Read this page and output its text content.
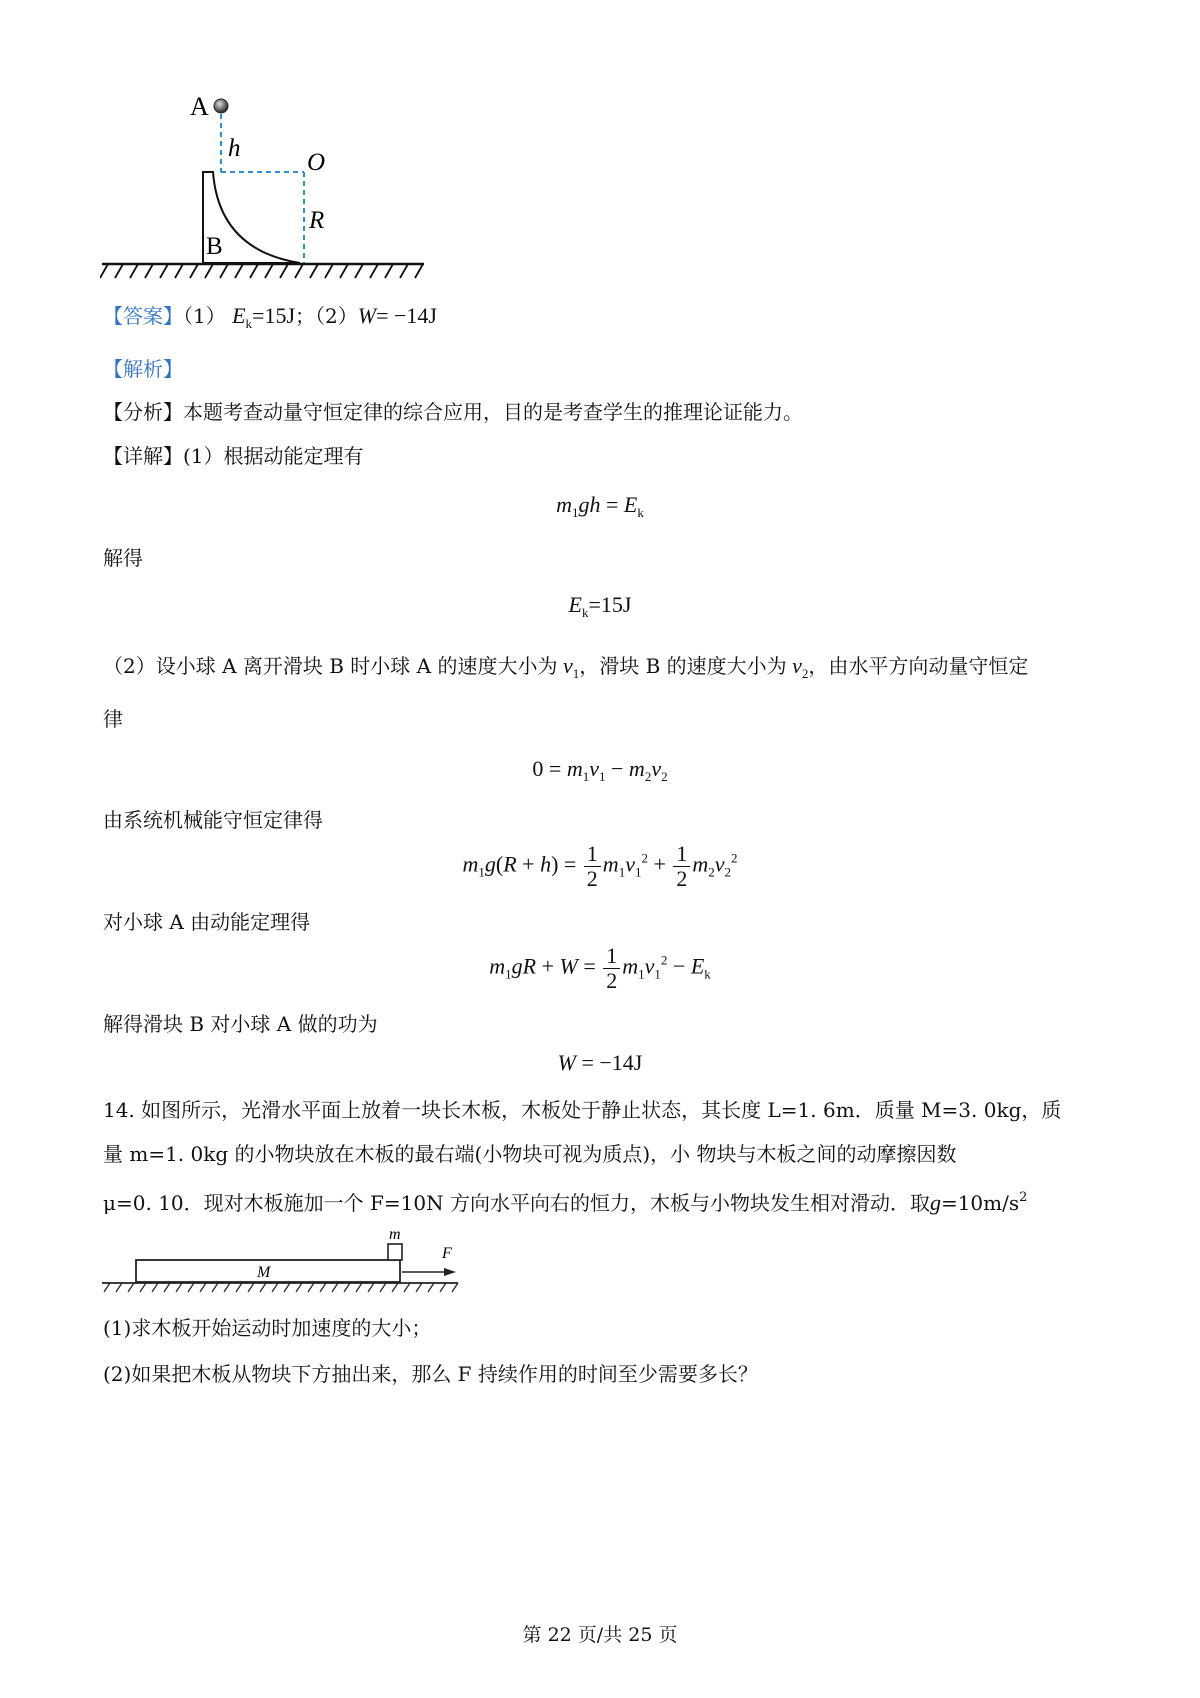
A
h
O
R
B
【答案】（1） $E_k=15J$；（2）W= −14J
【解析】
【分析】本题考查动量守恒定律的综合应用，目的是考查学生的推理论证能力。
【详解】(1）根据动能定理有
$m_1gh = E_k$
解得
$E_k=15J$
（2）设小球 A 离开滑块 B 时小球 A 的速度大小为 $v_1$，滑块 B 的速度大小为 $v_2$，由水平方向动量守恒定
律
$0 = m_1v_1 - m_2v_2$
由系统机械能守恒定律得
$m_1g(R + h) = \frac{1}{2} m_1v_1^2 + \frac{1}{2} m_2v_2^2$
对小球 A 由动能定理得
$m_1gR + W = \frac{1}{2} m_1v_1^2 - E_k$
解得滑块 B 对小球 A 做的功为
W = −14J
14. 如图所示，光滑水平面上放着一块长木板，木板处于静止状态，其长度 L=1. 6m．质量 M=3. 0kg，质
量 m=1. 0kg 的小物块放在木板的最右端(小物块可视为质点)，小 物块与木板之间的动摩擦因数
μ=0. 10．现对木板施加一个 F=10N 方向水平向右的恒力，木板与小物块发生相对滑动．取$g=10m/s^2$
m
M
F
(1)求木板开始运动时加速度的大小；
(2)如果把木板从物块下方抽出来，那么 F 持续作用的时间至少需要多长？
第 22 页/共 25 页
